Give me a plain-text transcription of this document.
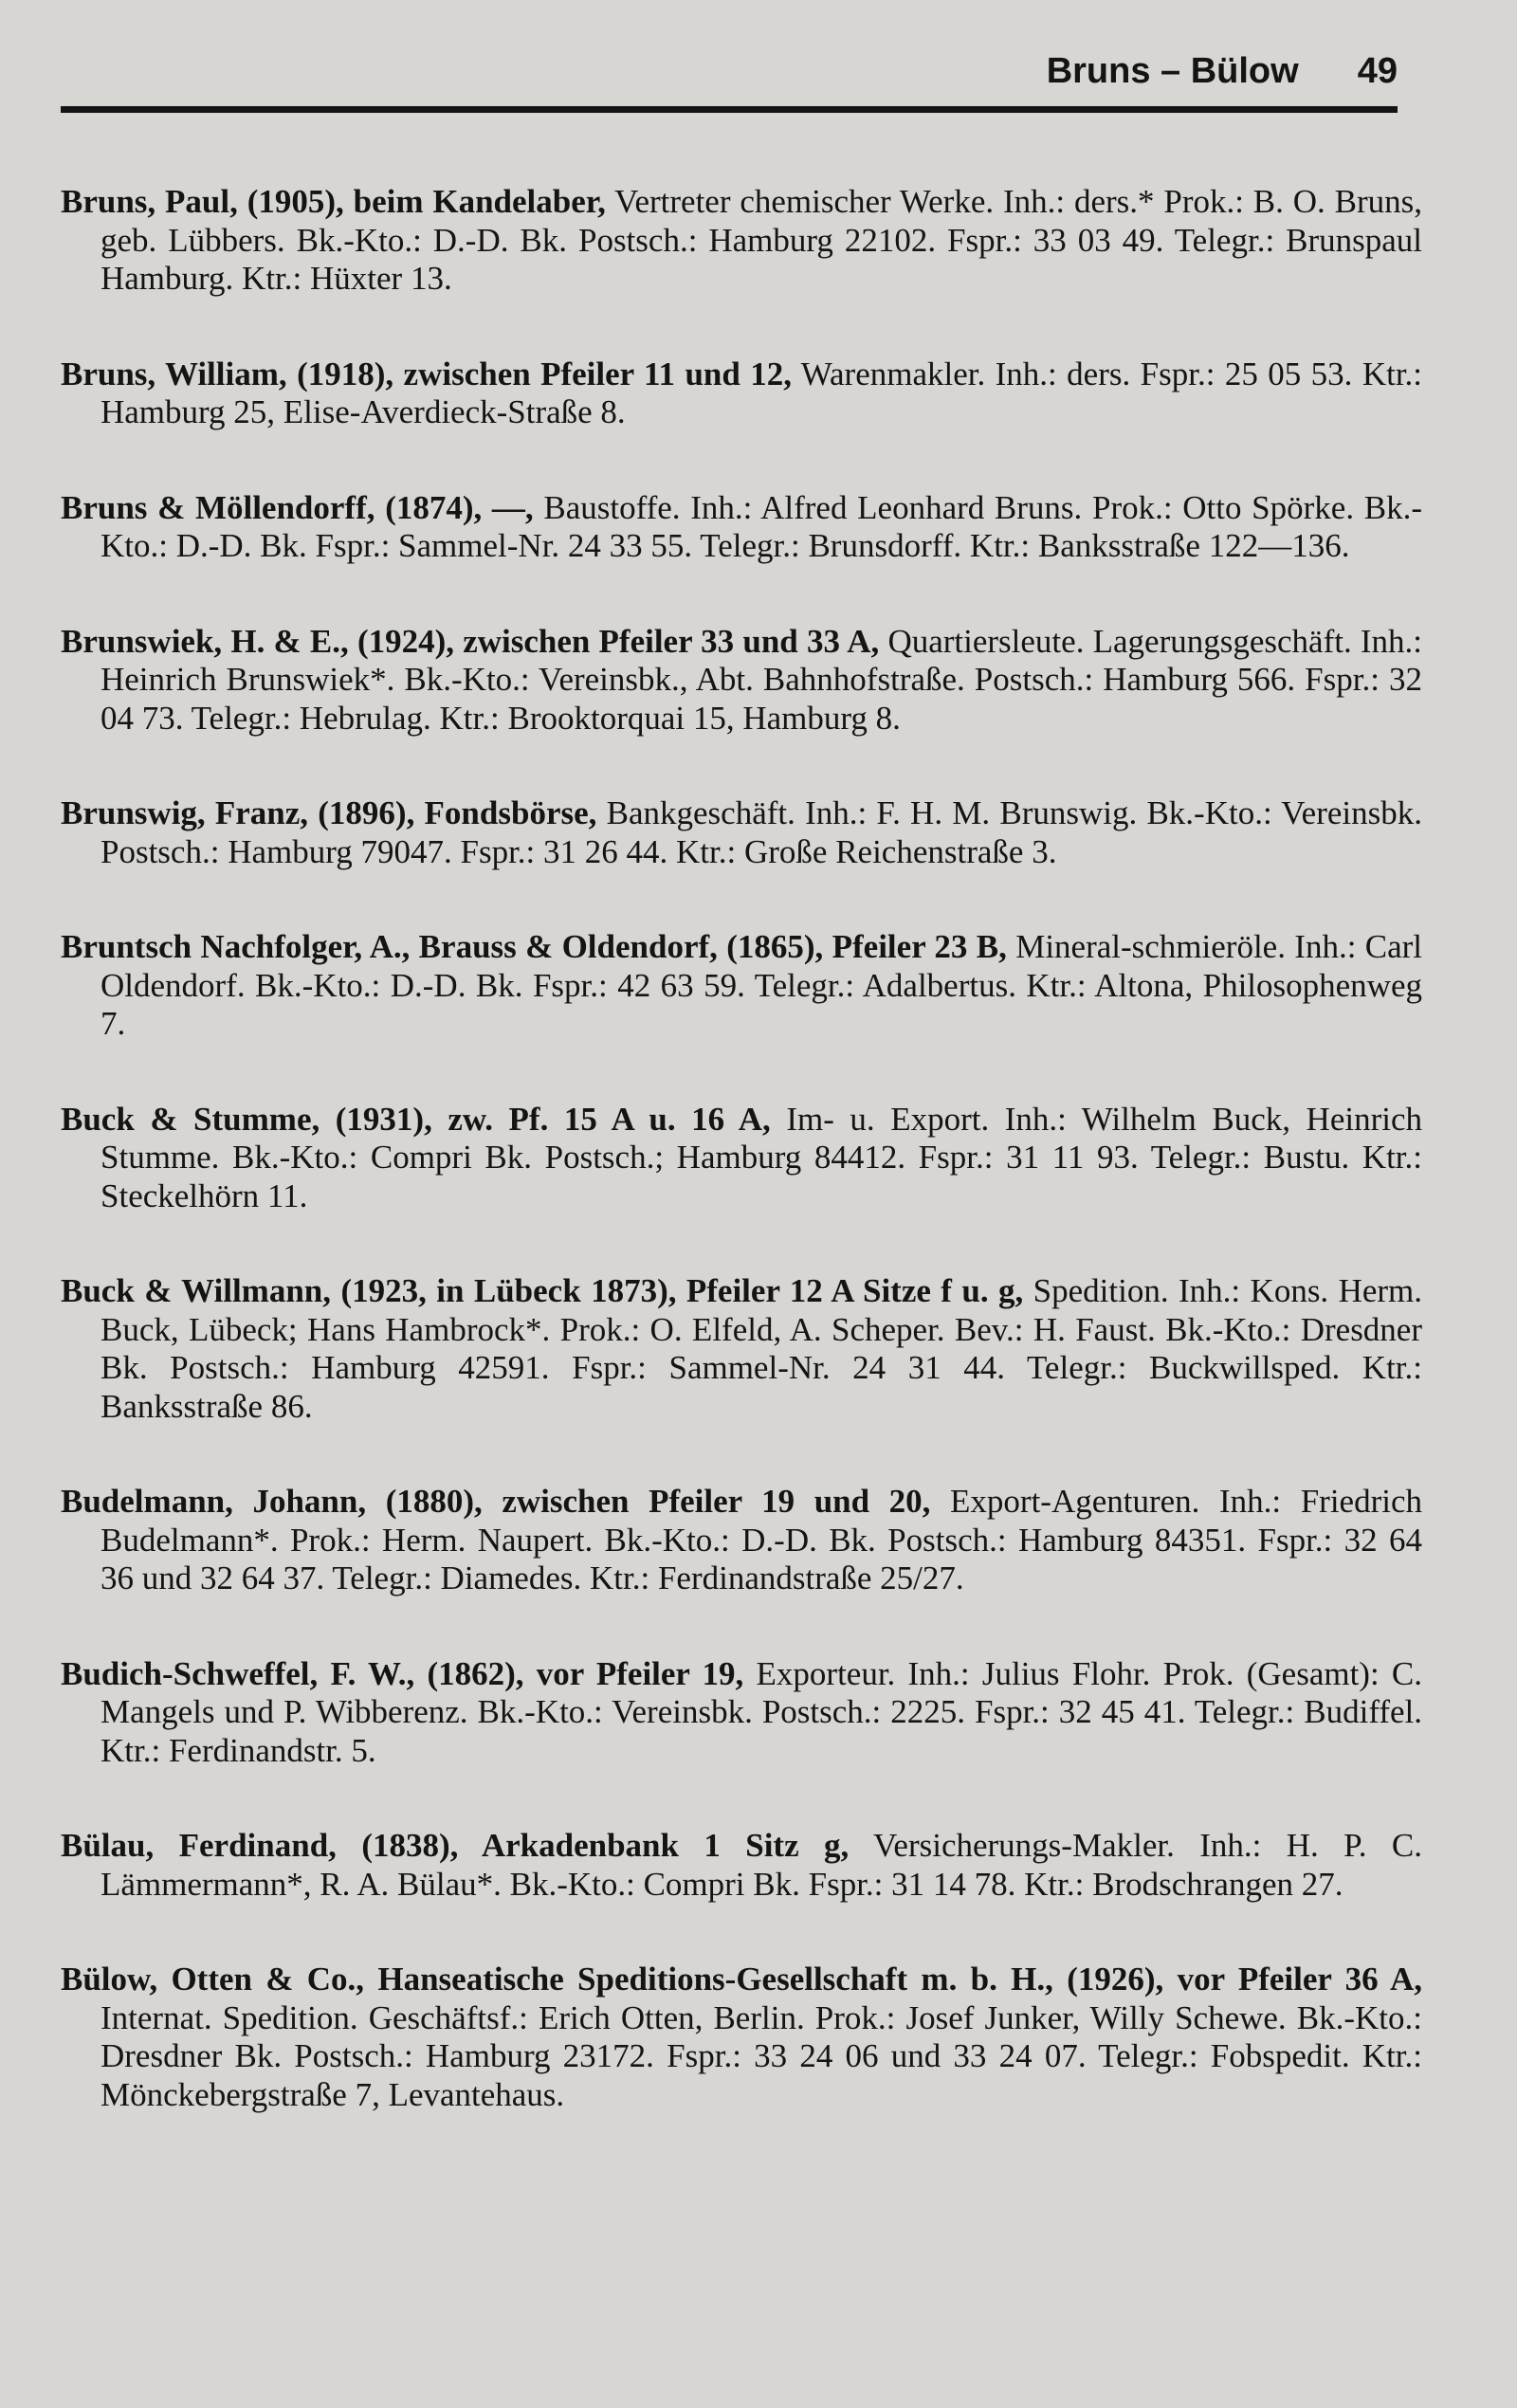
Bruns – Bülow 49

Bruns, Paul, (1905), beim Kandelaber, Vertreter chemischer Werke. Inh.: ders.* Prok.: B. O. Bruns, geb. Lübbers. Bk.-Kto.: D.-D. Bk. Postsch.: Hamburg 22102. Fspr.: 33 03 49. Telegr.: Brunspaul Hamburg. Ktr.: Hüxter 13.

Bruns, William, (1918), zwischen Pfeiler 11 und 12, Warenmakler. Inh.: ders. Fspr.: 25 05 53. Ktr.: Hamburg 25, Elise-Averdieck-Straße 8.

Bruns & Möllendorff, (1874), —, Baustoffe. Inh.: Alfred Leonhard Bruns. Prok.: Otto Spörke. Bk.-Kto.: D.-D. Bk. Fspr.: Sammel-Nr. 24 33 55. Telegr.: Brunsdorff. Ktr.: Banksstraße 122—136.

Brunswiek, H. & E., (1924), zwischen Pfeiler 33 und 33 A, Quartiersleute. Lagerungsgeschäft. Inh.: Heinrich Brunswiek*. Bk.-Kto.: Vereinsbk., Abt. Bahnhofstraße. Postsch.: Hamburg 566. Fspr.: 32 04 73. Telegr.: Hebrulag. Ktr.: Brooktorquai 15, Hamburg 8.

Brunswig, Franz, (1896), Fondsbörse, Bankgeschäft. Inh.: F. H. M. Brunswig. Bk.-Kto.: Vereinsbk. Postsch.: Hamburg 79047. Fspr.: 31 26 44. Ktr.: Große Reichenstraße 3.

Bruntsch Nachfolger, A., Brauss & Oldendorf, (1865), Pfeiler 23 B, Mineral-schmieröle. Inh.: Carl Oldendorf. Bk.-Kto.: D.-D. Bk. Fspr.: 42 63 59. Telegr.: Adalbertus. Ktr.: Altona, Philosophenweg 7.

Buck & Stumme, (1931), zw. Pf. 15 A u. 16 A, Im- u. Export. Inh.: Wilhelm Buck, Heinrich Stumme. Bk.-Kto.: Compri Bk. Postsch.; Hamburg 84412. Fspr.: 31 11 93. Telegr.: Bustu. Ktr.: Steckelhörn 11.

Buck & Willmann, (1923, in Lübeck 1873), Pfeiler 12 A Sitze f u. g, Spedition. Inh.: Kons. Herm. Buck, Lübeck; Hans Hambrock*. Prok.: O. Elfeld, A. Scheper. Bev.: H. Faust. Bk.-Kto.: Dresdner Bk. Postsch.: Hamburg 42591. Fspr.: Sammel-Nr. 24 31 44. Telegr.: Buckwillsped. Ktr.: Banksstraße 86.

Budelmann, Johann, (1880), zwischen Pfeiler 19 und 20, Export-Agenturen. Inh.: Friedrich Budelmann*. Prok.: Herm. Naupert. Bk.-Kto.: D.-D. Bk. Postsch.: Hamburg 84351. Fspr.: 32 64 36 und 32 64 37. Telegr.: Diamedes. Ktr.: Ferdinandstraße 25/27.

Budich-Schweffel, F. W., (1862), vor Pfeiler 19, Exporteur. Inh.: Julius Flohr. Prok. (Gesamt): C. Mangels und P. Wibberenz. Bk.-Kto.: Vereinsbk. Postsch.: 2225. Fspr.: 32 45 41. Telegr.: Budiffel. Ktr.: Ferdinandstr. 5.

Bülau, Ferdinand, (1838), Arkadenbank 1 Sitz g, Versicherungs-Makler. Inh.: H. P. C. Lämmermann*, R. A. Bülau*. Bk.-Kto.: Compri Bk. Fspr.: 31 14 78. Ktr.: Brodschrangen 27.

Bülow, Otten & Co., Hanseatische Speditions-Gesellschaft m. b. H., (1926), vor Pfeiler 36 A, Internat. Spedition. Geschäftsf.: Erich Otten, Berlin. Prok.: Josef Junker, Willy Schewe. Bk.-Kto.: Dresdner Bk. Postsch.: Hamburg 23172. Fspr.: 33 24 06 und 33 24 07. Telegr.: Fobspedit. Ktr.: Mönckebergstraße 7, Levantehaus.
